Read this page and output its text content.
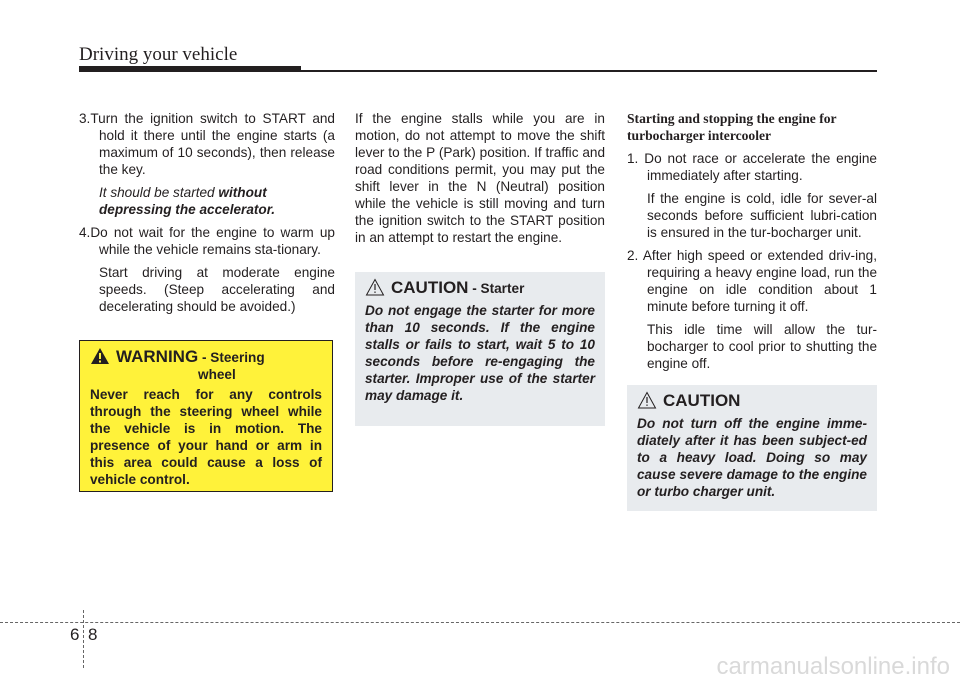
Driving your vehicle

3.Turn the ignition switch to START and hold it there until the engine starts (a maximum of 10 seconds), then release the key.

It should be started without depressing the accelerator.

4.Do not wait for the engine to warm up while the vehicle remains sta-tionary.

Start driving at moderate engine speeds. (Steep accelerating and decelerating should be avoided.)

WARNING - Steering
wheel
Never reach for any controls through the steering wheel while the vehicle is in motion. The presence of your hand or arm in this area could cause a loss of vehicle control.

If the engine stalls while you are in motion, do not attempt to move the shift lever to the P (Park) position. If traffic and road conditions permit, you may put the shift lever in the N (Neutral) position while the vehicle is still moving and turn the ignition switch to the START position in an attempt to restart the engine.

CAUTION - Starter
Do not engage the starter for more than 10 seconds. If the engine stalls or fails to start, wait 5 to 10 seconds before re-engaging the starter. Improper use of the starter may damage it.

Starting and stopping the engine for turbocharger intercooler

1. Do not race or accelerate the engine immediately after starting.

If the engine is cold, idle for sever-al seconds before sufficient lubri-cation is ensured in the tur-bocharger unit.

2. After high speed or extended driv-ing, requiring a heavy engine load, run the engine on idle condition about 1 minute before turning it off.

This idle time will allow the tur-bocharger to cool prior to shutting the engine off.

CAUTION
Do not turn off the engine imme-diately after it has been subject-ed to a heavy load. Doing so may cause severe damage to the engine or turbo charger unit.
6 8
carmanualsonline.info
